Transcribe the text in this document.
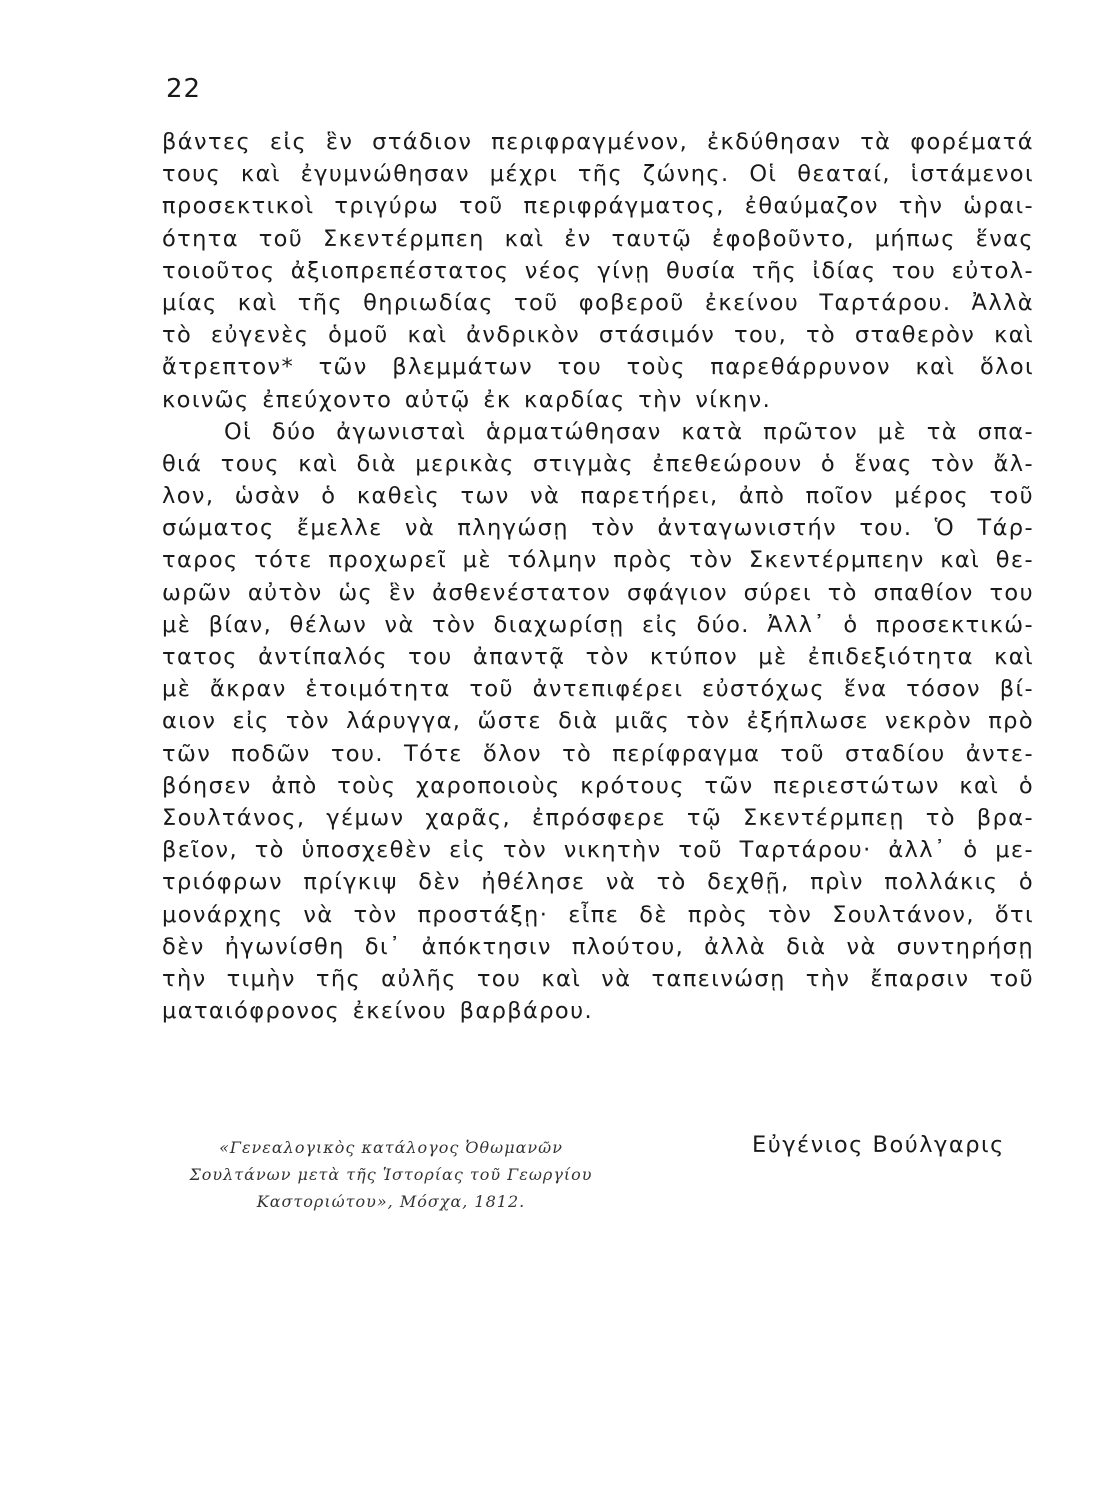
22
βάντες εἰς ἓν στάδιον περιφραγμένον, ἐκδύθησαν τὰ φορέματά
τους καὶ ἐγυμνώθησαν μέχρι τῆς ζώνης. Οἱ θεαταί, ἱστάμενοι
προσεκτικοὶ τριγύρω τοῦ περιφράγματος, ἐθαύμαζον τὴν ὡραι-
ότητα τοῦ Σκεντέρμπεη καὶ ἐν ταυτῷ ἐφοβοῦντο, μήπως ἕνας
τοιοῦτος ἀξιοπρεπέστατος νέος γίνῃ θυσία τῆς ἰδίας του εὐτολ-
μίας καὶ τῆς θηριωδίας τοῦ φοβεροῦ ἐκείνου Ταρτάρου. Ἀλλὰ
τὸ εὐγενὲς ὁμοῦ καὶ ἀνδρικὸν στάσιμόν του, τὸ σταθερὸν καὶ
ἄτρεπτον* τῶν βλεμμάτων του τοὺς παρεθάρρυνον καὶ ὅλοι
κοινῶς ἐπεύχοντο αὐτῷ ἐκ καρδίας τὴν νίκην.
Οἱ δύο ἀγωνισταὶ ἁρματώθησαν κατὰ πρῶτον μὲ τὰ σπα-
θιά τους καὶ διὰ μερικὰς στιγμὰς ἐπεθεώρουν ὁ ἕνας τὸν ἄλ-
λον, ὡσὰν ὁ καθεὶς των νὰ παρετήρει, ἀπὸ ποῖον μέρος τοῦ
σώματος ἔμελλε νὰ πληγώσῃ τὸν ἀνταγωνιστήν του. Ὁ Τάρ-
ταρος τότε προχωρεῖ μὲ τόλμην πρὸς τὸν Σκεντέρμπεην καὶ θε-
ωρῶν αὐτὸν ὡς ἓν ἀσθενέστατον σφάγιον σύρει τὸ σπαθίον του
μὲ βίαν, θέλων νὰ τὸν διαχωρίσῃ εἰς δύο. Ἀλλ᾿ ὁ προσεκτικώ-
τατος ἀντίπαλός του ἀπαντᾷ τὸν κτύπον μὲ ἐπιδεξιότητα καὶ
μὲ ἄκραν ἑτοιμότητα τοῦ ἀντεπιφέρει εὐστόχως ἕνα τόσον βί-
αιον εἰς τὸν λάρυγγα, ὥστε διὰ μιᾶς τὸν ἐξήπλωσε νεκρὸν πρὸ
τῶν ποδῶν του. Τότε ὅλον τὸ περίφραγμα τοῦ σταδίου ἀντε-
βόησεν ἀπὸ τοὺς χαροποιοὺς κρότους τῶν περιεστώτων καὶ ὁ
Σουλτάνος, γέμων χαρᾶς, ἐπρόσφερε τῷ Σκεντέρμπεῃ τὸ βρα-
βεῖον, τὸ ὑποσχεθὲν εἰς τὸν νικητὴν τοῦ Ταρτάρου· ἀλλ᾿ ὁ με-
τριόφρων πρίγκιψ δὲν ἠθέλησε νὰ τὸ δεχθῇ, πρὶν πολλάκις ὁ
μονάρχης νὰ τὸν προστάξῃ· εἶπε δὲ πρὸς τὸν Σουλτάνον, ὅτι
δὲν ἠγωνίσθη δι᾿ ἀπόκτησιν πλούτου, ἀλλὰ διὰ νὰ συντηρήσῃ
τὴν τιμὴν τῆς αὐλῆς του καὶ νὰ ταπεινώσῃ τὴν ἔπαρσιν τοῦ
ματαιόφρονος ἐκείνου βαρβάρου.
«Γενεαλογικὸς κατάλογος Ὀθωμανῶν
Σουλτάνων μετὰ τῆς Ἱστορίας τοῦ Γεωργίου
Καστοριώτου», Μόσχα, 1812.
Εὐγένιος Βούλγαρις
